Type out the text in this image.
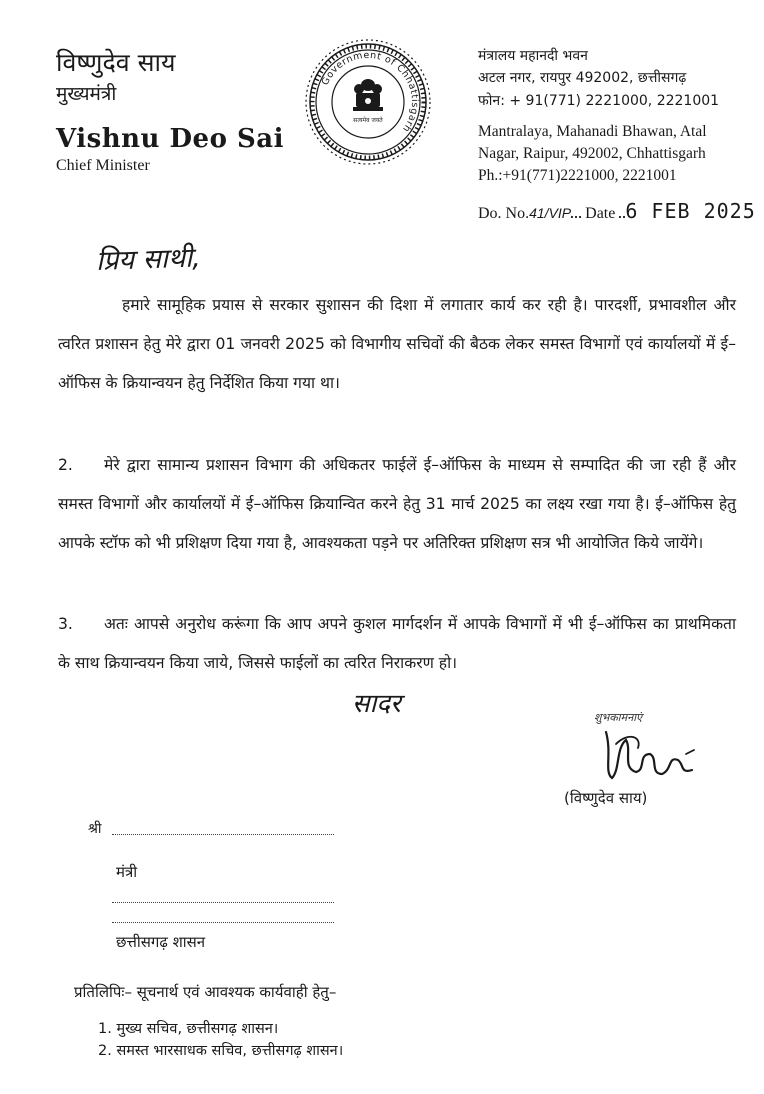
विष्णुदेव साय
मुख्यमंत्री
Vishnu Deo Sai
Chief Minister
Government of Chhattisgarh
सत्यमेव जयते
मंत्रालय महानदी भवन
अटल नगर, रायपुर 492002, छत्तीसगढ़
फोन: + 91(771) 2221000, 2221001
Mantralaya, Mahanadi Bhawan, Atal
Nagar, Raipur, 492002, Chhattisgarh
Ph.:+91(771)2221000, 2221001
Do. No.41/VIP Date 6 FEB 2025
प्रिय साथी,
हमारे सामूहिक प्रयास से सरकार सुशासन की दिशा में लगातार कार्य कर रही है। पारदर्शी, प्रभावशील और त्वरित प्रशासन हेतु मेरे द्वारा 01 जनवरी 2025 को विभागीय सचिवों की बैठक लेकर समस्त विभागों एवं कार्यालयों में ई–ऑफिस के क्रियान्वयन हेतु निर्देशित किया गया था।
2. मेरे द्वारा सामान्य प्रशासन विभाग की अधिकतर फाईलें ई–ऑफिस के माध्यम से सम्पादित की जा रही हैं और समस्त विभागों और कार्यालयों में ई–ऑफिस क्रियान्वित करने हेतु 31 मार्च 2025 का लक्ष्य रखा गया है। ई–ऑफिस हेतु आपके स्टॉफ को भी प्रशिक्षण दिया गया है, आवश्यकता पड़ने पर अतिरिक्त प्रशिक्षण सत्र भी आयोजित किये जायेंगे।
3. अतः आपसे अनुरोध करूंगा कि आप अपने कुशल मार्गदर्शन में आपके विभागों में भी ई–ऑफिस का प्राथमिकता के साथ क्रियान्वयन किया जाये, जिससे फाईलों का त्वरित निराकरण हो।
सादर	शुभकामनाएं
(विष्णुदेव साय)
श्री
मंत्री
छत्तीसगढ़ शासन
प्रतिलिपिः– सूचनार्थ एवं आवश्यक कार्यवाही हेतु–
1. मुख्य सचिव, छत्तीसगढ़ शासन।
2. समस्त भारसाधक सचिव, छत्तीसगढ़ शासन।
